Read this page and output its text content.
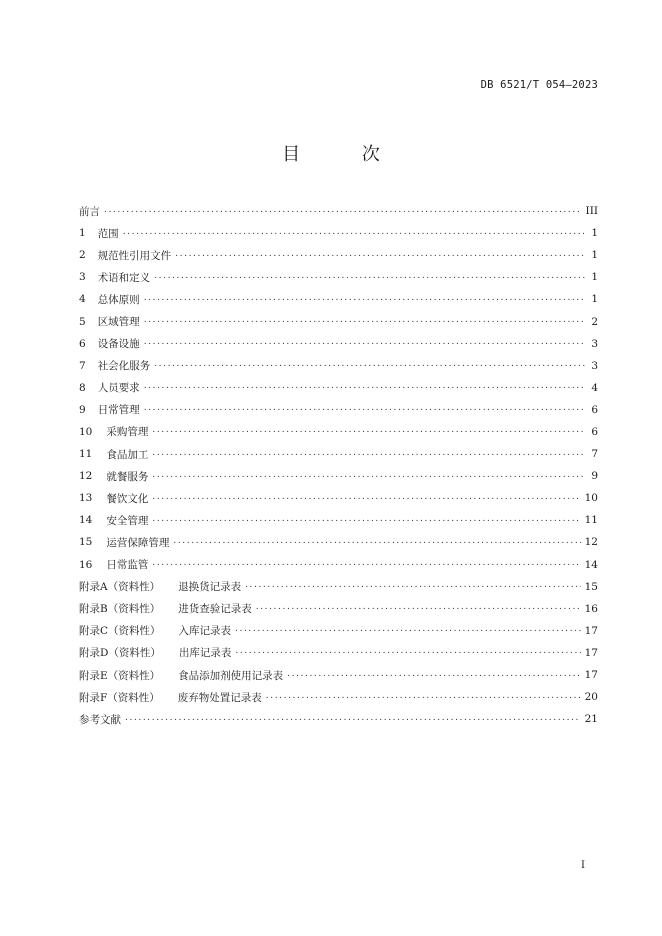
DB 6521/T 054—2023
目 次
前言 .....	III
1 范围 .....	1
2 规范性引用文件 .....	1
3 术语和定义 .....	1
4 总体原则 .....	1
5 区域管理 .....	2
6 设备设施 .....	3
7 社会化服务 .....	3
8 人员要求 .....	4
9 日常管理 .....	6
10 采购管理 .....	6
11 食品加工 .....	7
12 就餐服务 .....	9
13 餐饮文化 .....	10
14 安全管理 .....	11
15 运营保障管理 .....	12
16 日常监管 .....	14
附录A（资料性） 退换货记录表 .....	15
附录B（资料性） 进货查验记录表 .....	16
附录C（资料性） 入库记录表 .....	17
附录D（资料性） 出库记录表 .....	17
附录E（资料性） 食品添加剂使用记录表 .....	17
附录F（资料性） 废弃物处置记录表 .....	20
参考文献 .....	21
I
